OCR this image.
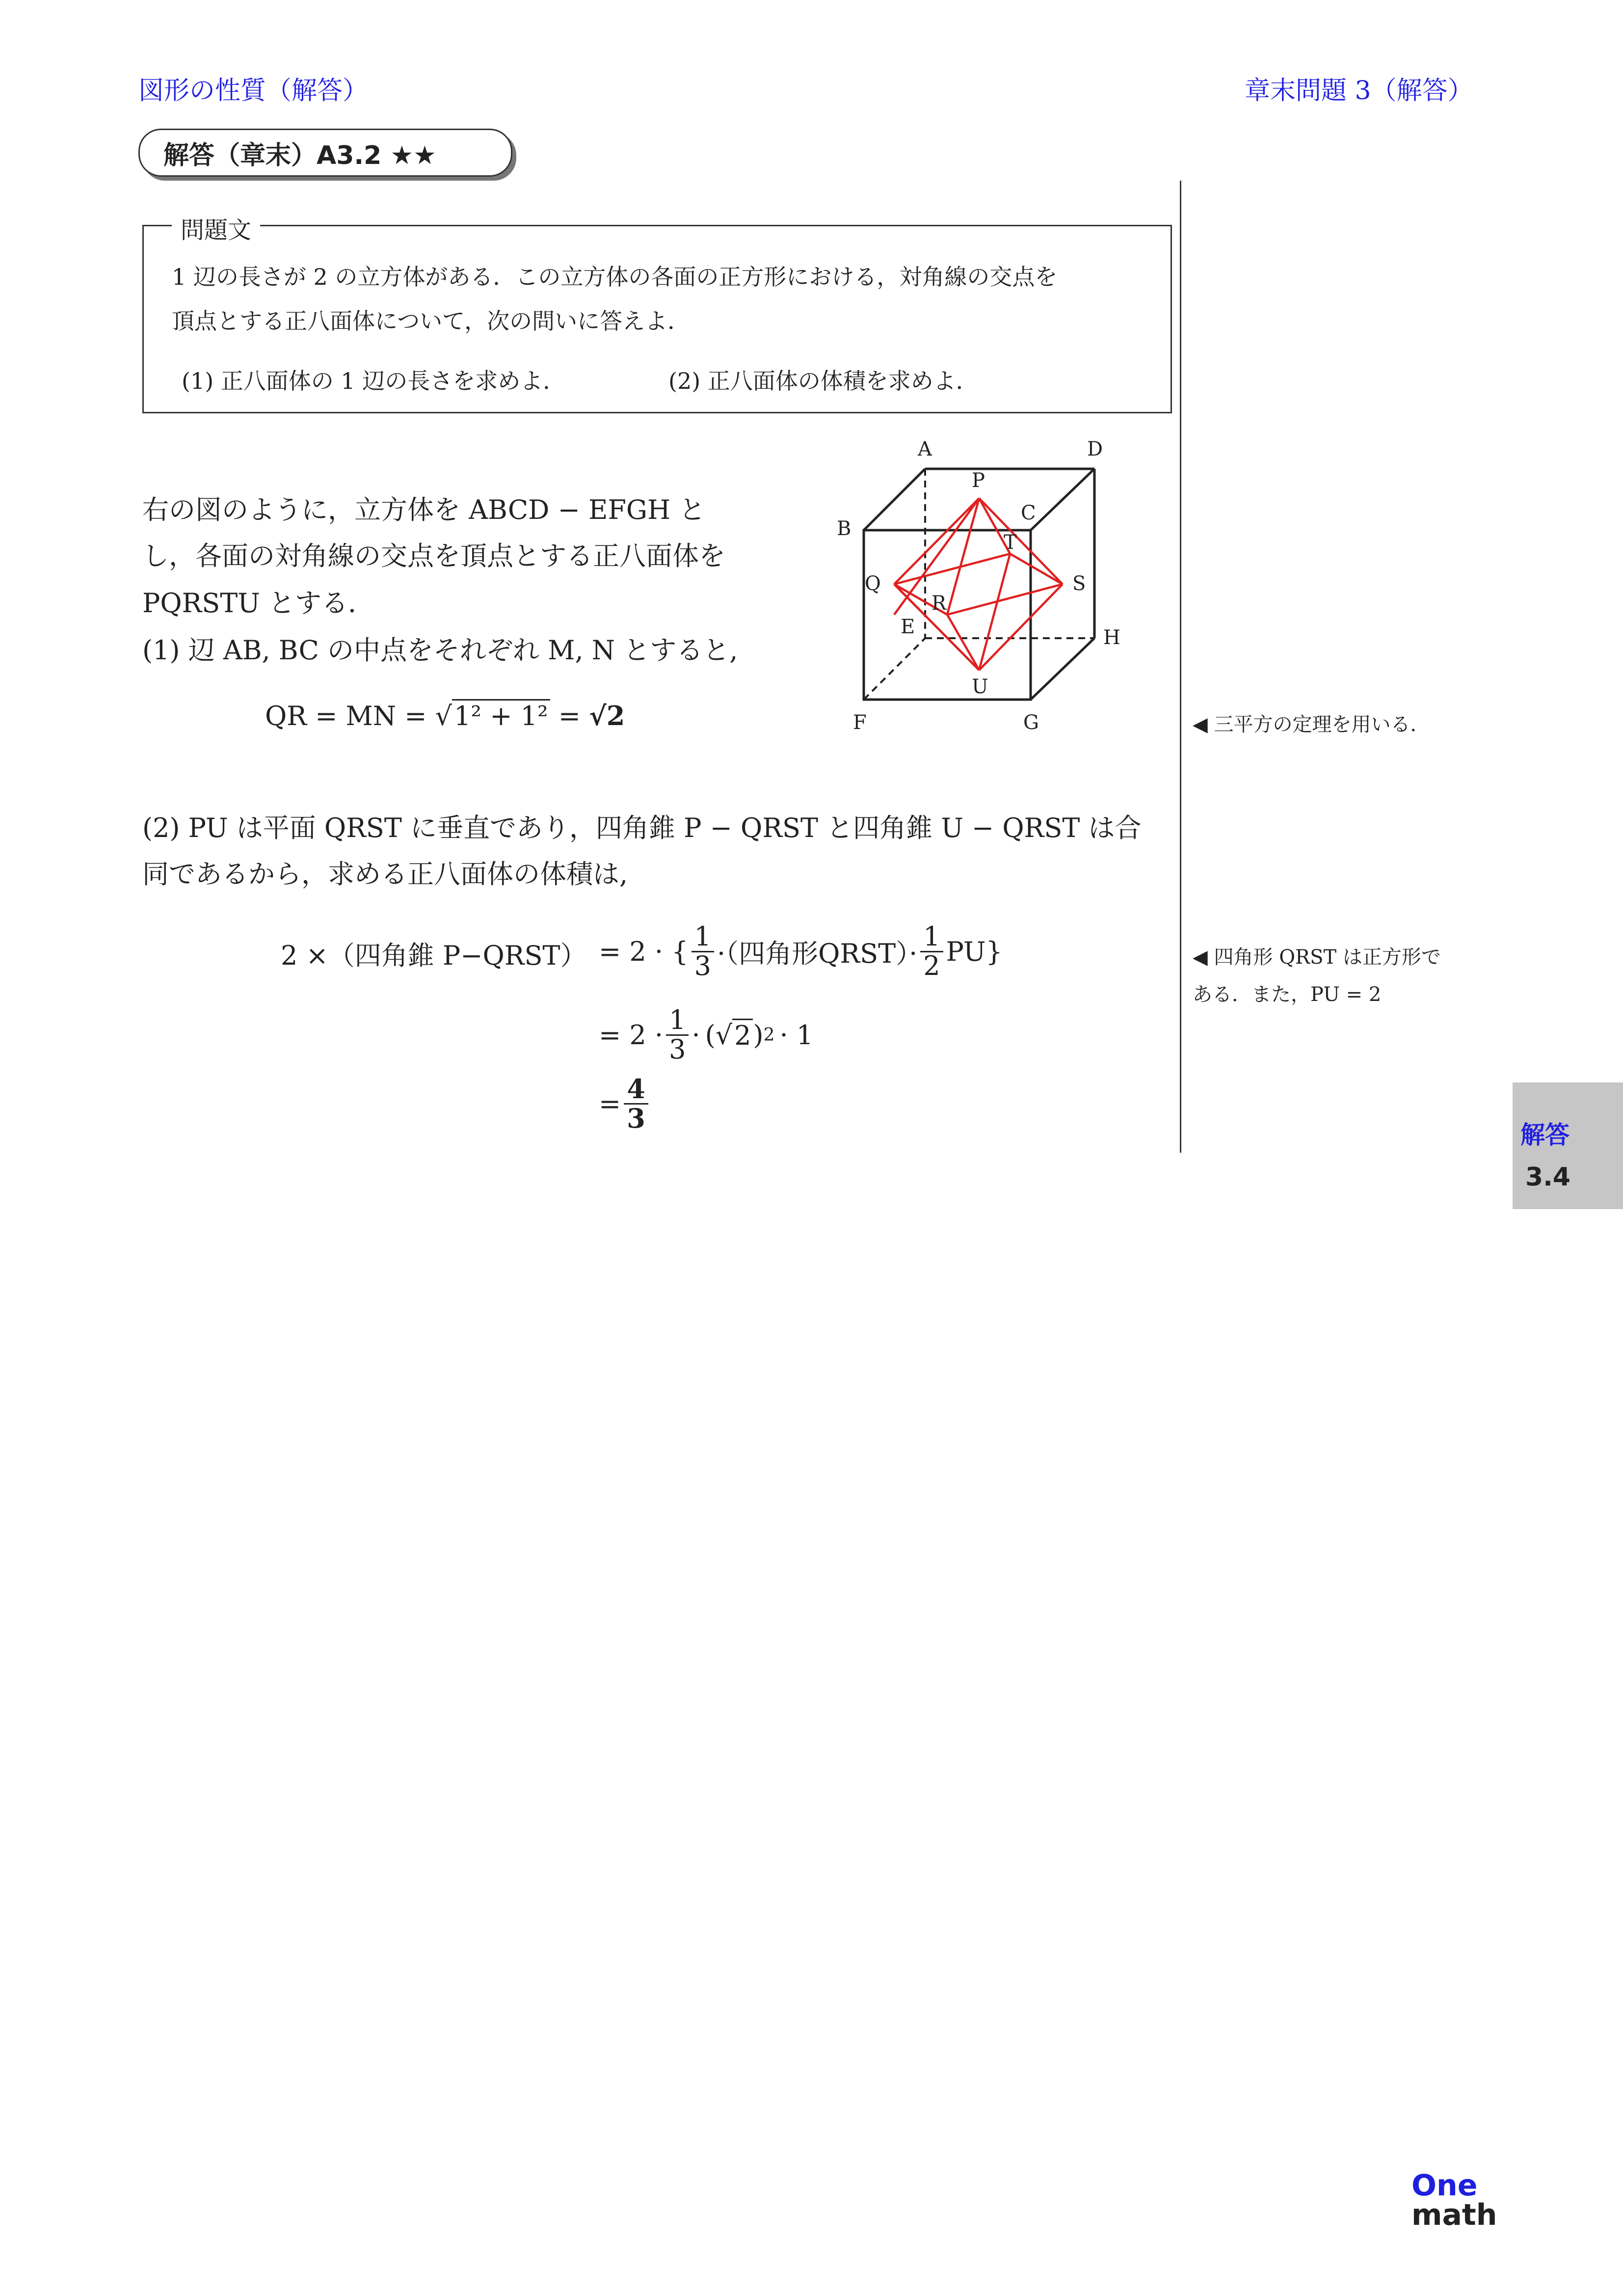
図形の性質（解答）	章末問題 3（解答）
解答（章末）A3.2 ★★
問題文
1 辺の長さが 2 の立方体がある．この立方体の各面の正方形における，対角線の交点を
頂点とする正八面体について，次の問いに答えよ．
(1) 正八面体の 1 辺の長さを求めよ．	(2) 正八面体の体積を求めよ．
右の図のように，立方体を ABCD − EFGH と
し，各面の対角線の交点を頂点とする正八面体を
PQRSTU とする．
(1) 辺 AB, BC の中点をそれぞれ M, N とすると,
QR = MN = √1² + 1² = √2
A	D
P
C
B
T
Q	S
R
E	H
U
F	G
(2) PU は平面 QRST に垂直であり，四角錐 P − QRST と四角錐 U − QRST は合
同であるから，求める正八面体の体積は,
2 ×（四角錐 P−QRST） = 2 · { $\frac{1}{3}$ ·（四角形QRST）· $\frac{1}{2} PU$}
= $2 \cdot \frac{1}{3}$ · (√ 2 ) 2 · 1
= $\frac{4}{3}$
◀ 三平方の定理を用いる．
◀ 四角形 QRST は正方形で
ある．また，PU = 2
解答
3.4
One
math
